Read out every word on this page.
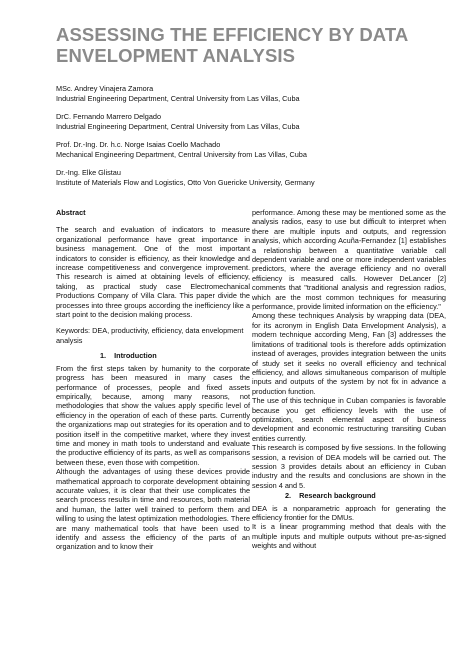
ASSESSING THE EFFICIENCY BY DATA ENVELOPMENT ANALYSIS
MSc. Andrey Vinajera Zamora
Industrial Engineering Department, Central University from Las Villas, Cuba
DrC. Fernando Marrero Delgado
Industrial Engineering Department, Central University from Las Villas, Cuba
Prof. Dr.-Ing. Dr. h.c. Norge Isaias Coello Machado
Mechanical Engineering Department, Central University from Las Villas, Cuba
Dr.-Ing. Elke Glistau
Institute of Materials Flow and Logistics, Otto Von Guericke University, Germany

Abstract

The search and evaluation of indicators to measure organizational performance have great importance in business management. One of the most important indicators to consider is efficiency, as their knowledge and increase competitiveness and convergence improvement. This research is aimed at obtaining levels of efficiency, taking, as practical study case Electromechanical Productions Company of Villa Clara. This paper divide the processes into three groups according the inefficiency like a start point to the decision making process.

Keywords: DEA, productivity, efficiency, data envelopment analysis

1. Introduction

From the first steps taken by humanity to the corporate progress has been measured in many cases the performance of processes, people and fixed assets empirically, because, among many reasons, not methodologies that show the values apply specific level of efficiency in the operation of each of these parts. Currently the organizations map out strategies for its operation and to position itself in the competitive market, where they invest time and money in math tools to understand and evaluate the productive efficiency of its parts, as well as comparisons between these, even those with competition.

Although the advantages of using these devices provide mathematical approach to corporate development obtaining accurate values, it is clear that their use complicates the search process results in time and resources, both material and human, the latter well trained to perform them and willing to using the latest optimization methodologies. There are many mathematical tools that have been used to identify and assess the efficiency of the parts of an organization and to know their

performance. Among these may be mentioned some as the analysis radios, easy to use but difficult to interpret when there are multiple inputs and outputs, and regression analysis, which according Acuña-Fernandez [1] establishes a relationship between a quantitative variable call dependent variable and one or more independent variables predictors, where the average efficiency and no overall efficiency is measured calls. However DeLancer [2] comments that "traditional analysis and regression radios, which are the most common techniques for measuring performance, provide limited information on the efficiency."

Among these techniques Analysis by wrapping data (DEA, for its acronym in English Data Envelopment Analysis), a modern technique according Meng, Fan [3] addresses the limitations of traditional tools is therefore adds optimization instead of averages, provides integration between the units of study set it seeks no overall efficiency and technical efficiency, and allows simultaneous comparison of multiple inputs and outputs of the system by not fix in advance a production function.

The use of this technique in Cuban companies is favorable because you get efficiency levels with the use of optimization, search elemental aspect of business development and economic restructuring transiting Cuban entities currently.

This research is composed by five sessions. In the following session, a revision of DEA models will be carried out. The session 3 provides details about an efficiency in Cuban industry and the results and conclusions are shown in the session 4 and 5.

2. Research background

DEA is a nonparametric approach for generating the efficiency frontier for the DMUs.

It is a linear programming method that deals with the multiple inputs and multiple outputs without pre-as-signed weights and without
